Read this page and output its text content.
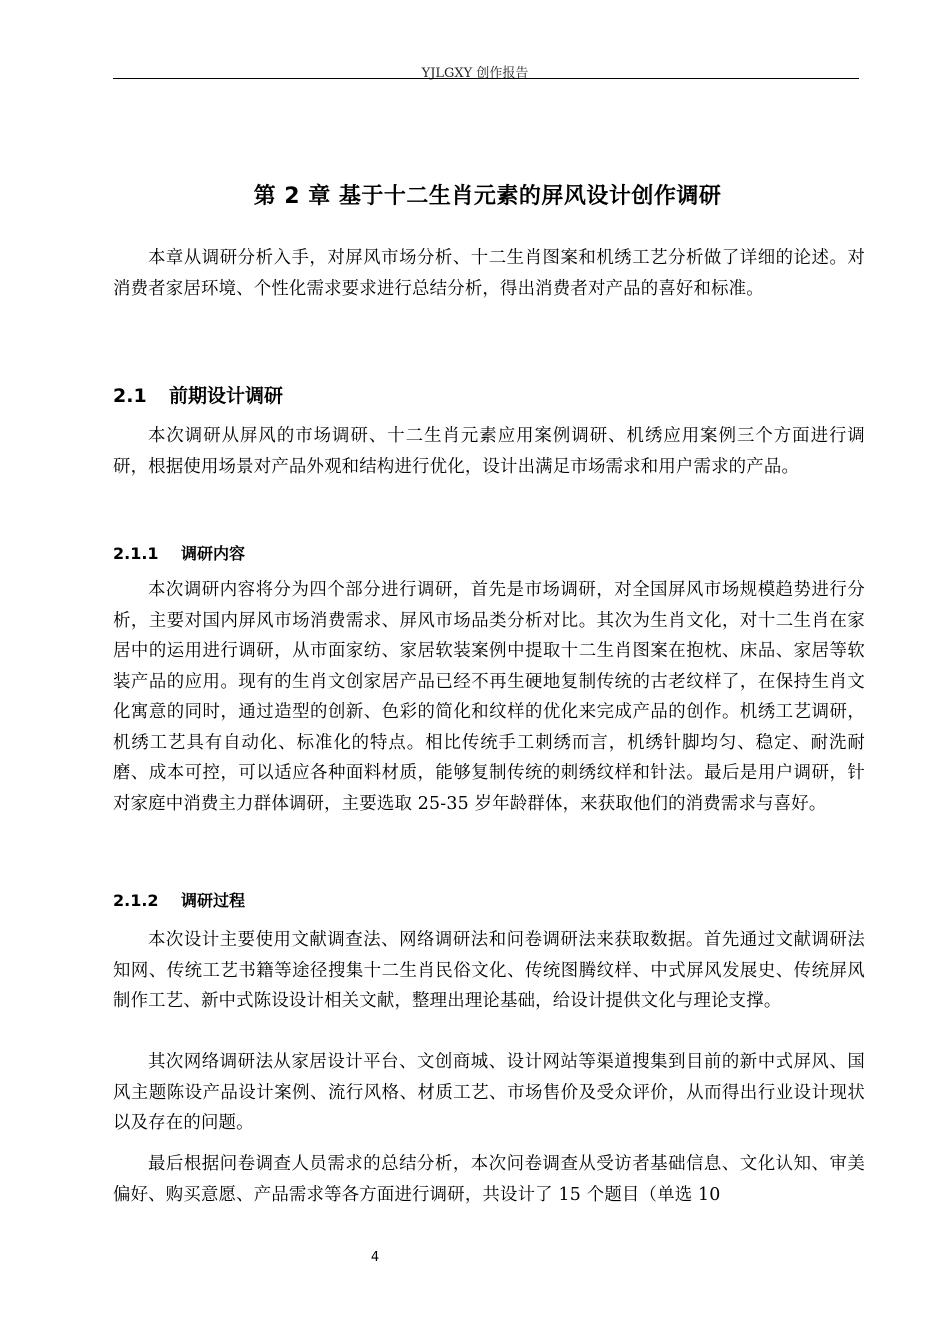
YJLGXY 创作报告
第 2 章 基于十二生肖元素的屏风设计创作调研

本章从调研分析入手，对屏风市场分析、十二生肖图案和机绣工艺分析做了详细的论述。对消费者家居环境、个性化需求要求进行总结分析，得出消费者对产品的喜好和标准。

2.1 前期设计调研

本次调研从屏风的市场调研、十二生肖元素应用案例调研、机绣应用案例三个方面进行调研，根据使用场景对产品外观和结构进行优化，设计出满足市场需求和用户需求的产品。

2.1.1 调研内容

本次调研内容将分为四个部分进行调研，首先是市场调研，对全国屏风市场规模趋势进行分析，主要对国内屏风市场消费需求、屏风市场品类分析对比。其次为生肖文化，对十二生肖在家居中的运用进行调研，从市面家纺、家居软装案例中提取十二生肖图案在抱枕、床品、家居等软装产品的应用。现有的生肖文创家居产品已经不再生硬地复制传统的古老纹样了，在保持生肖文化寓意的同时，通过造型的创新、色彩的简化和纹样的优化来完成产品的创作。机绣工艺调研，机绣工艺具有自动化、标准化的特点。相比传统手工刺绣而言，机绣针脚均匀、稳定、耐洗耐磨、成本可控，可以适应各种面料材质，能够复制传统的刺绣纹样和针法。最后是用户调研，针对家庭中消费主力群体调研，主要选取 25-35 岁年龄群体，来获取他们的消费需求与喜好。

2.1.2 调研过程

本次设计主要使用文献调查法、网络调研法和问卷调研法来获取数据。首先通过文献调研法知网、传统工艺书籍等途径搜集十二生肖民俗文化、传统图腾纹样、中式屏风发展史、传统屏风制作工艺、新中式陈设设计相关文献，整理出理论基础，给设计提供文化与理论支撑。

其次网络调研法从家居设计平台、文创商城、设计网站等渠道搜集到目前的新中式屏风、国风主题陈设产品设计案例、流行风格、材质工艺、市场售价及受众评价，从而得出行业设计现状以及存在的问题。

最后根据问卷调查人员需求的总结分析，本次问卷调查从受访者基础信息、文化认知、审美偏好、购买意愿、产品需求等各方面进行调研，共设计了 15 个题目（单选 10

4
